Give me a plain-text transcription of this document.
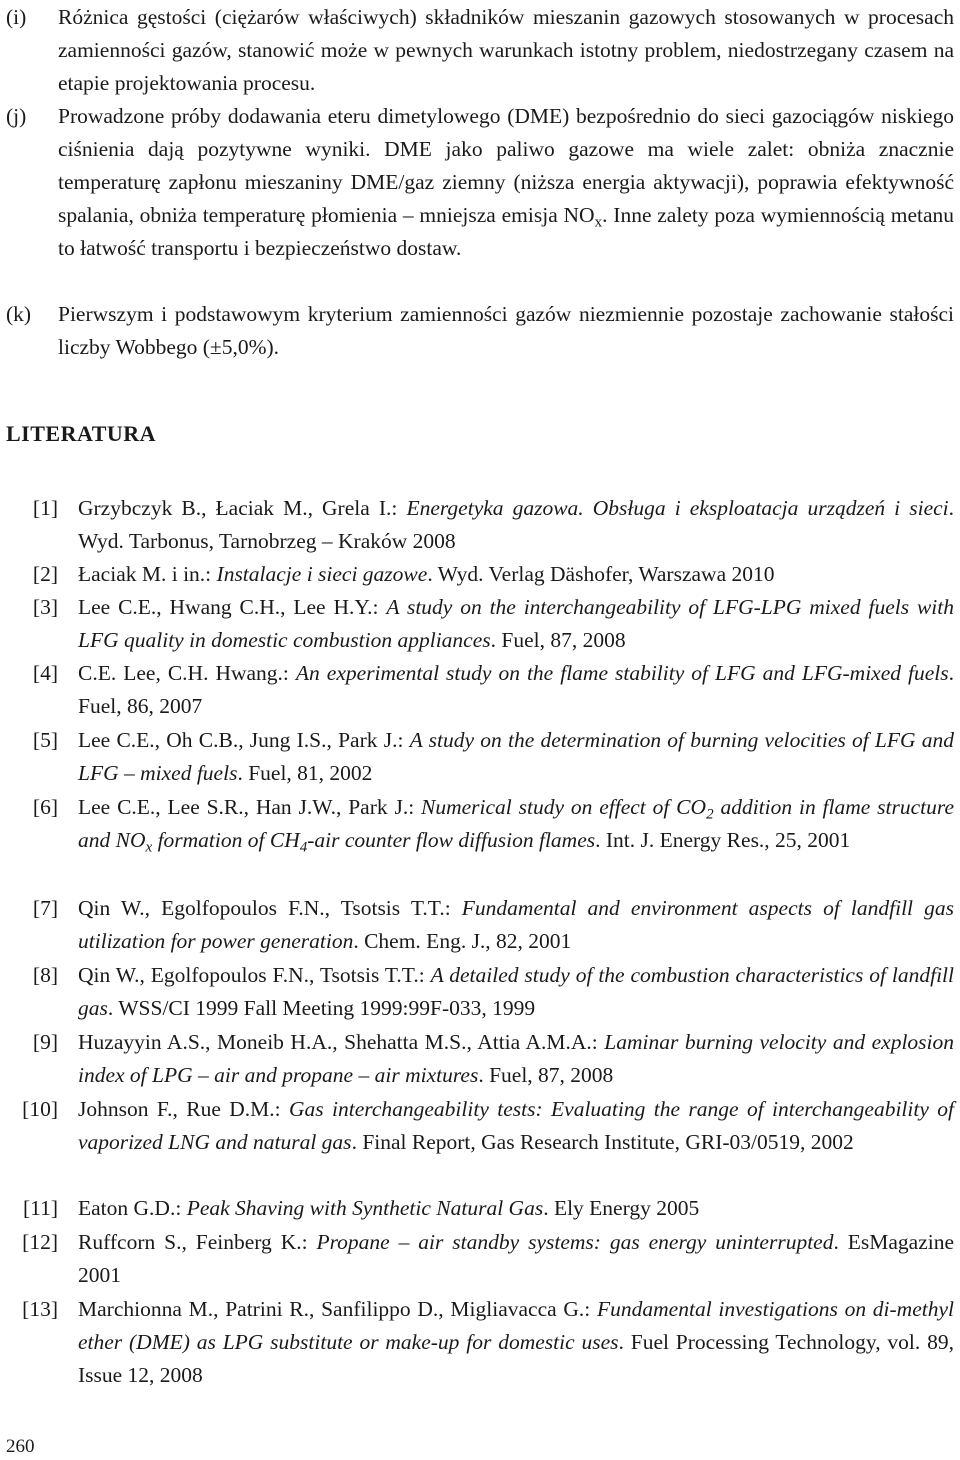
(i) Różnica gęstości (ciężarów właściwych) składników mieszanin gazowych stosowanych w procesach zamienności gazów, stanowić może w pewnych warunkach istotny problem, niedostrzegany czasem na etapie projektowania procesu.
(j) Prowadzone próby dodawania eteru dimetylowego (DME) bezpośrednio do sieci gazociągów niskiego ciśnienia dają pozytywne wyniki. DME jako paliwo gazowe ma wiele zalet: obniża znacznie temperaturę zapłonu mieszaniny DME/gaz ziemny (niższa energia aktywacji), poprawia efektywność spalania, obniża temperaturę płomienia – mniejsza emisja $NO_x$. Inne zalety poza wymiennością metanu to łatwość transportu i bezpieczeństwo dostaw.
(k) Pierwszym i podstawowym kryterium zamienności gazów niezmiennie pozostaje zachowanie stałości liczby Wobbego (±5,0%).
LITERATURA
[1] Grzybczyk B., Łaciak M., Grela I.: Energetyka gazowa. Obsługa i eksploatacja urządzeń i sieci. Wyd. Tarbonus, Tarnobrzeg – Kraków 2008
[2] Łaciak M. i in.: Instalacje i sieci gazowe. Wyd. Verlag Däshofer, Warszawa 2010
[3] Lee C.E., Hwang C.H., Lee H.Y.: A study on the interchangeability of LFG-LPG mixed fuels with LFG quality in domestic combustion appliances. Fuel, 87, 2008
[4] C.E. Lee, C.H. Hwang.: An experimental study on the flame stability of LFG and LFG-mixed fuels. Fuel, 86, 2007
[5] Lee C.E., Oh C.B., Jung I.S., Park J.: A study on the determination of burning velocities of LFG and LFG – mixed fuels. Fuel, 81, 2002
[6] Lee C.E., Lee S.R., Han J.W., Park J.: Numerical study on effect of $CO_2$ addition in flame structure and $NO_x$ formation of $CH_4$-air counter flow diffusion flames. Int. J. Energy Res., 25, 2001
[7] Qin W., Egolfopoulos F.N., Tsotsis T.T.: Fundamental and environment aspects of landfill gas utilization for power generation. Chem. Eng. J., 82, 2001
[8] Qin W., Egolfopoulos F.N., Tsotsis T.T.: A detailed study of the combustion characteristics of landfill gas. WSS/CI 1999 Fall Meeting 1999:99F-033, 1999
[9] Huzayyin A.S., Moneib H.A., Shehatta M.S., Attia A.M.A.: Laminar burning velocity and explosion index of LPG – air and propane – air mixtures. Fuel, 87, 2008
[10] Johnson F., Rue D.M.: Gas interchangeability tests: Evaluating the range of interchangeability of vaporized LNG and natural gas. Final Report, Gas Research Institute, GRI-03/0519, 2002
[11] Eaton G.D.: Peak Shaving with Synthetic Natural Gas. Ely Energy 2005
[12] Ruffcorn S., Feinberg K.: Propane – air standby systems: gas energy uninterrupted. EsMagazine 2001
[13] Marchionna M., Patrini R., Sanfilippo D., Migliavacca G.: Fundamental investigations on di-methyl ether (DME) as LPG substitute or make-up for domestic uses. Fuel Processing Technology, vol. 89, Issue 12, 2008
260
